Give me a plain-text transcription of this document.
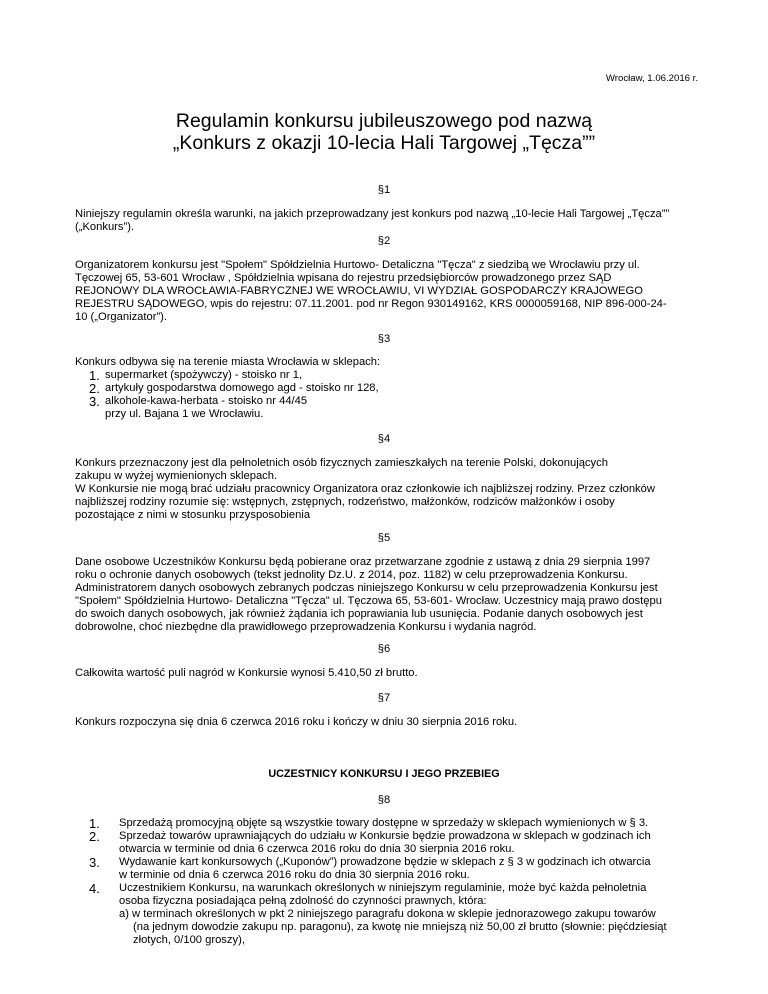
Wrocław, 1.06.2016 r.
Regulamin konkursu jubileuszowego pod nazwą
„Konkurs z okazji 10-lecia Hali Targowej „Tęcza””
§1
Niniejszy regulamin określa warunki, na jakich przeprowadzany jest konkurs pod nazwą „10-lecie Hali Targowej „Tęcza””
(„Konkurs”).
§2
Organizatorem konkursu jest "Społem" Spółdzielnia Hurtowo- Detaliczna "Tęcza" z siedzibą we Wrocławiu przy ul.
Tęczowej 65, 53-601 Wrocław , Spółdzielnia wpisana do rejestru przedsiębiorców prowadzonego przez SĄD
REJONOWY DLA WROCŁAWIA-FABRYCZNEJ WE WROCŁAWIU, VI WYDZIAŁ GOSPODARCZY KRAJOWEGO
REJESTRU SĄDOWEGO, wpis do rejestru: 07.11.2001. pod nr Regon 930149162, KRS 0000059168, NIP 896-000-24-
10 („Organizator”).
§3
Konkurs odbywa się na terenie miasta Wrocławia w sklepach:
1. supermarket (spożywczy) - stoisko nr 1,
2. artykuły gospodarstwa domowego agd - stoisko nr 128,
3. alkohole-kawa-herbata - stoisko nr 44/45
przy ul. Bajana 1 we Wrocławiu.
§4
Konkurs przeznaczony jest dla pełnoletnich osób fizycznych zamieszkałych na terenie Polski, dokonujących
zakupu w wyżej wymienionych sklepach.
W Konkursie nie mogą brać udziału pracownicy Organizatora oraz członkowie ich najbliższej rodziny. Przez członków
najbliższej rodziny rozumie się: wstępnych, zstępnych, rodzeństwo, małżonków, rodziców małżonków i osoby
pozostające z nimi w stosunku przysposobienia
§5
Dane osobowe Uczestników Konkursu będą pobierane oraz przetwarzane zgodnie z ustawą z dnia 29 sierpnia 1997
roku o ochronie danych osobowych (tekst jednolity Dz.U. z 2014, poz. 1182) w celu przeprowadzenia Konkursu.
Administratorem danych osobowych zebranych podczas niniejszego Konkursu w celu przeprowadzenia Konkursu jest
"Społem" Spółdzielnia Hurtowo- Detaliczna "Tęcza" ul. Tęczowa 65, 53-601- Wrocław. Uczestnicy mają prawo dostępu
do swoich danych osobowych, jak również żądania ich poprawiania lub usunięcia. Podanie danych osobowych jest
dobrowolne, choć niezbędne dla prawidłowego przeprowadzenia Konkursu i wydania nagród.
§6
Całkowita wartość puli nagród w Konkursie wynosi 5.410,50 zł brutto.
§7
Konkurs rozpoczyna się dnia 6 czerwca 2016 roku i kończy w dniu 30 sierpnia 2016 roku.
UCZESTNICY KONKURSU I JEGO PRZEBIEG
§8
1. Sprzedażą promocyjną objęte są wszystkie towary dostępne w sprzedaży w sklepach wymienionych w § 3.
2. Sprzedaż towarów uprawniających do udziału w Konkursie będzie prowadzona w sklepach w godzinach ich
otwarcia w terminie od dnia 6 czerwca 2016 roku do dnia 30 sierpnia 2016 roku.
3. Wydawanie kart konkursowych („Kuponów”) prowadzone będzie w sklepach z § 3 w godzinach ich otwarcia
w terminie od dnia 6 czerwca 2016 roku do dnia 30 sierpnia 2016 roku.
4. Uczestnikiem Konkursu, na warunkach określonych w niniejszym regulaminie, może być każda pełnoletnia
osoba fizyczna posiadająca pełną zdolność do czynności prawnych, która:
a) w terminach określonych w pkt 2 niniejszego paragrafu dokona w sklepie jednorazowego zakupu towarów
(na jednym dowodzie zakupu np. paragonu), za kwotę nie mniejszą niż 50,00 zł brutto (słownie: pięćdziesiąt
złotych, 0/100 groszy),
